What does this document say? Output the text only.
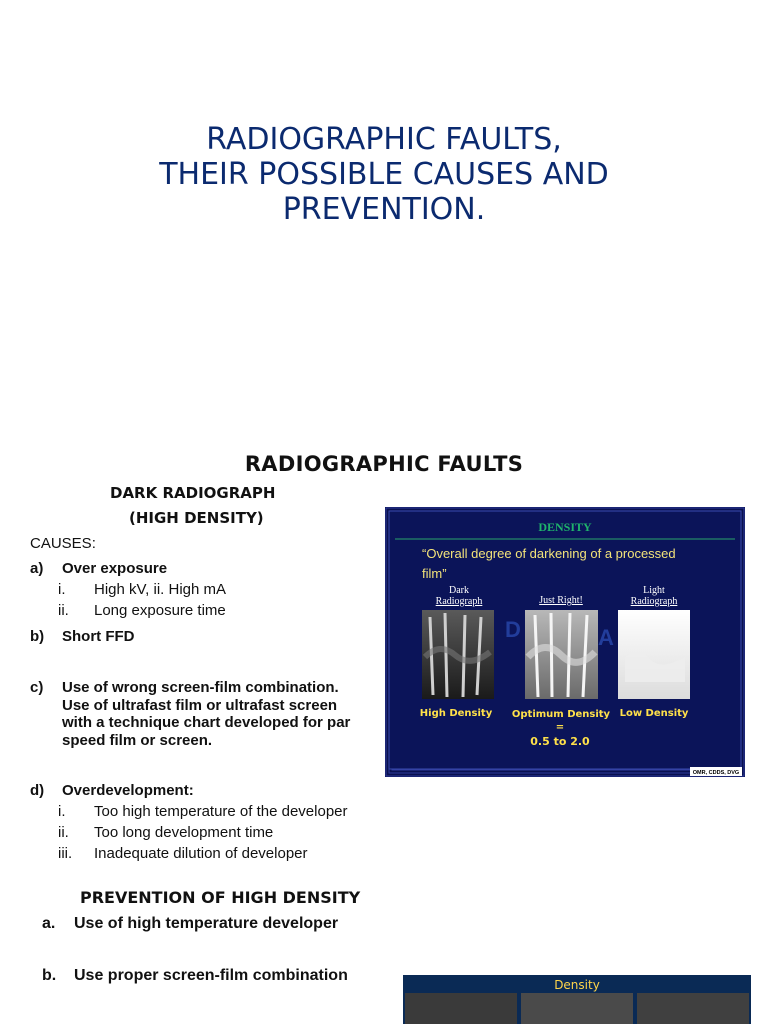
RADIOGRAPHIC FAULTS,
THEIR POSSIBLE CAUSES AND
PREVENTION.
RADIOGRAPHIC FAULTS
DARK RADIOGRAPH
(HIGH DENSITY)
CAUSES:
a) Over exposure
i. High kV, ii. High mA
ii. Long exposure time
b) Short FFD
c) Use of wrong screen-film combination.
Use of ultrafast film or ultrafast screen
with a technique chart developed for par
speed film or screen.
d) Overdevelopment:
i. Too high temperature of the developer
ii. Too long development time
iii. Inadequate dilution of developer
PREVENTION OF HIGH DENSITY
a. Use of high temperature developer
b. Use proper screen-film combination
DENSITY
“Overall degree of darkening of a processed
film”
Dark
Radiograph	Just Right!
Light
Radiograph
D	A
High Density Optimum Density Low Density
=
0.5 to 2.0
OMR, CDDS, DVG
Density
